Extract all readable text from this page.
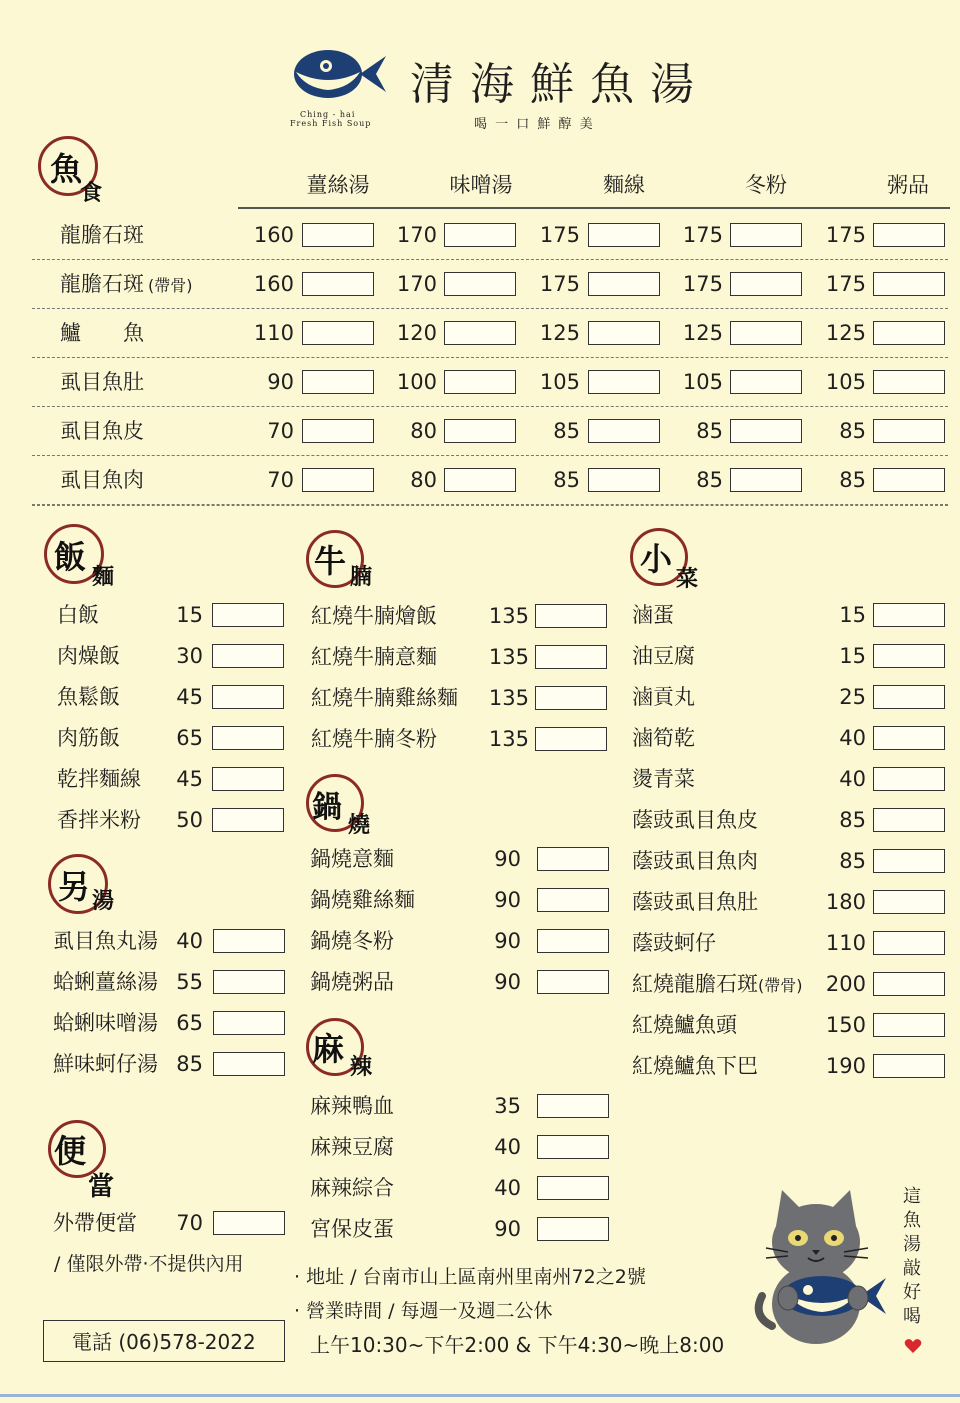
Ching - hai
Fresh Fish Soup
清 海 鮮 魚 湯
喝 一 口 鮮 醇 美
魚
食	薑絲湯	味噌湯	麵線	冬粉	粥品
龍膽石斑	160	170	175	175	175
龍膽石斑 (帶骨)	160	170	175	175	175
鱸　　魚	110	120	125	125	125
虱目魚肚	90	100	105	105	105
虱目魚皮	70	80	85	85	85
虱目魚肉	70	80	85	85	85
飯
麵
另 湯
便
當
牛 腩
鍋 燒
麻 辣
小
菜
白飯	15
肉燥飯	30
魚鬆飯	45
肉筋飯	65
乾拌麵線	45
香拌米粉	50
虱目魚丸湯 40
蛤蜊薑絲湯 55
蛤蜊味噌湯 65
鮮味蚵仔湯 85
外帶便當	70
紅燒牛腩燴飯	135
紅燒牛腩意麵	135
紅燒牛腩雞絲麵	135
紅燒牛腩冬粉	135
鍋燒意麵	90
鍋燒雞絲麵	90
鍋燒冬粉	90
鍋燒粥品	90
麻辣鴨血	35
麻辣豆腐	40
麻辣綜合	40
宮保皮蛋	90
滷蛋	15
油豆腐	15
滷貢丸	25
滷筍乾	40
燙青菜	40
蔭豉虱目魚皮	85
蔭豉虱目魚肉	85
蔭豉虱目魚肚	180
蔭豉蚵仔	110
紅燒龍膽石斑(帶骨)	200
紅燒鱸魚頭	150
紅燒鱸魚下巴	190
/ 僅限外帶‧不提供內用
電話 (06)578-2022
‧ 地址 / 台南市山上區南州里南州72之2號
‧ 營業時間 / 每週一及週二公休
上午10:30~下午2:00 & 下午4:30~晚上8:00
這
魚
湯
敲
好
喝
